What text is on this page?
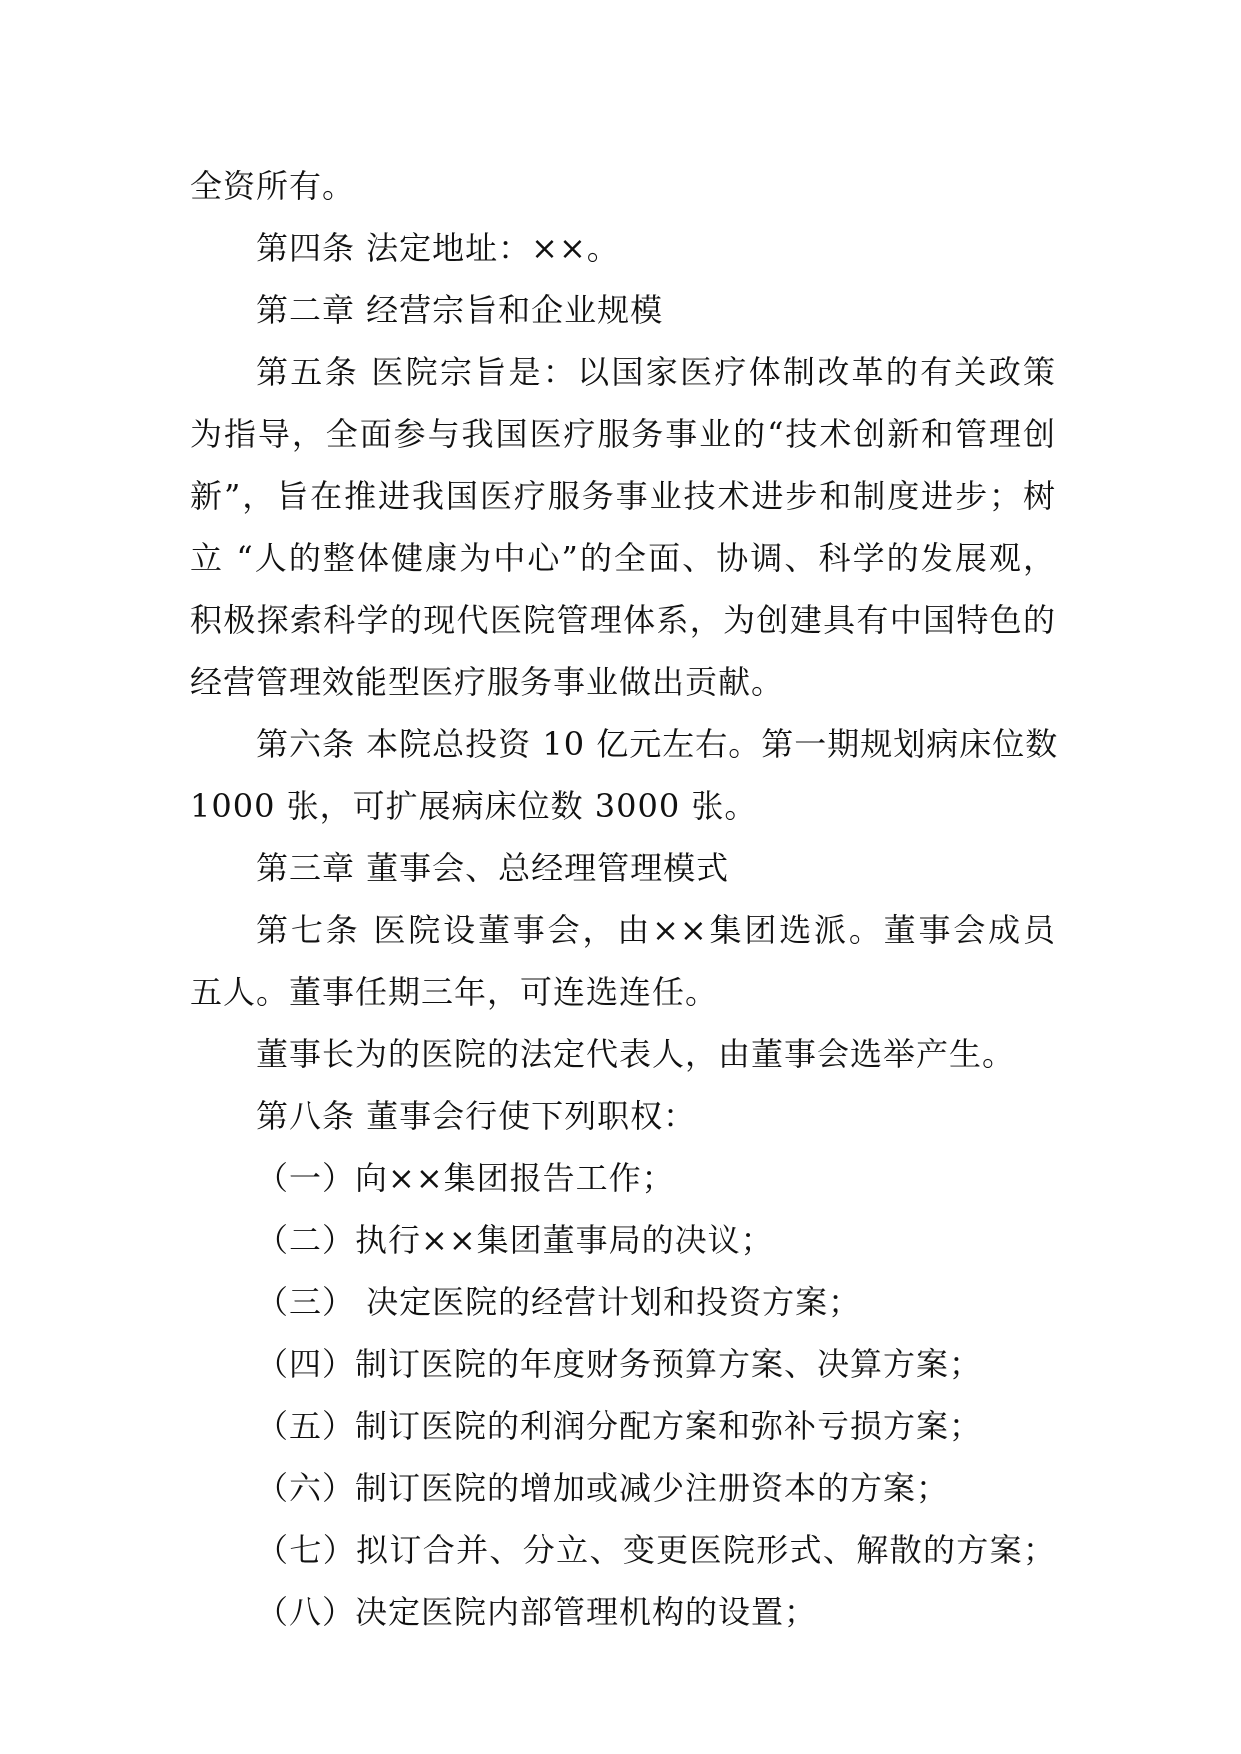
全资所有。
第四条 法定地址：××。
第二章 经营宗旨和企业规模
第五条 医院宗旨是：以国家医疗体制改革的有关政策
为指导，全面参与我国医疗服务事业的“技术创新和管理创
新”，旨在推进我国医疗服务事业技术进步和制度进步；树
立 “人的整体健康为中心”的全面、协调、科学的发展观，
积极探索科学的现代医院管理体系，为创建具有中国特色的
经营管理效能型医疗服务事业做出贡献。
第六条 本院总投资 10 亿元左右。第一期规划病床位数
1000 张，可扩展病床位数 3000 张。
第三章 董事会、总经理管理模式
第七条 医院设董事会，由××集团选派。董事会成员
五人。董事任期三年，可连选连任。
董事长为的医院的法定代表人，由董事会选举产生。
第八条 董事会行使下列职权：
（一）向××集团报告工作；
（二）执行××集团董事局的决议；
（三） 决定医院的经营计划和投资方案；
（四）制订医院的年度财务预算方案、决算方案；
（五）制订医院的利润分配方案和弥补亏损方案；
（六）制订医院的增加或减少注册资本的方案；
（七）拟订合并、分立、变更医院形式、解散的方案；
（八）决定医院内部管理机构的设置；
